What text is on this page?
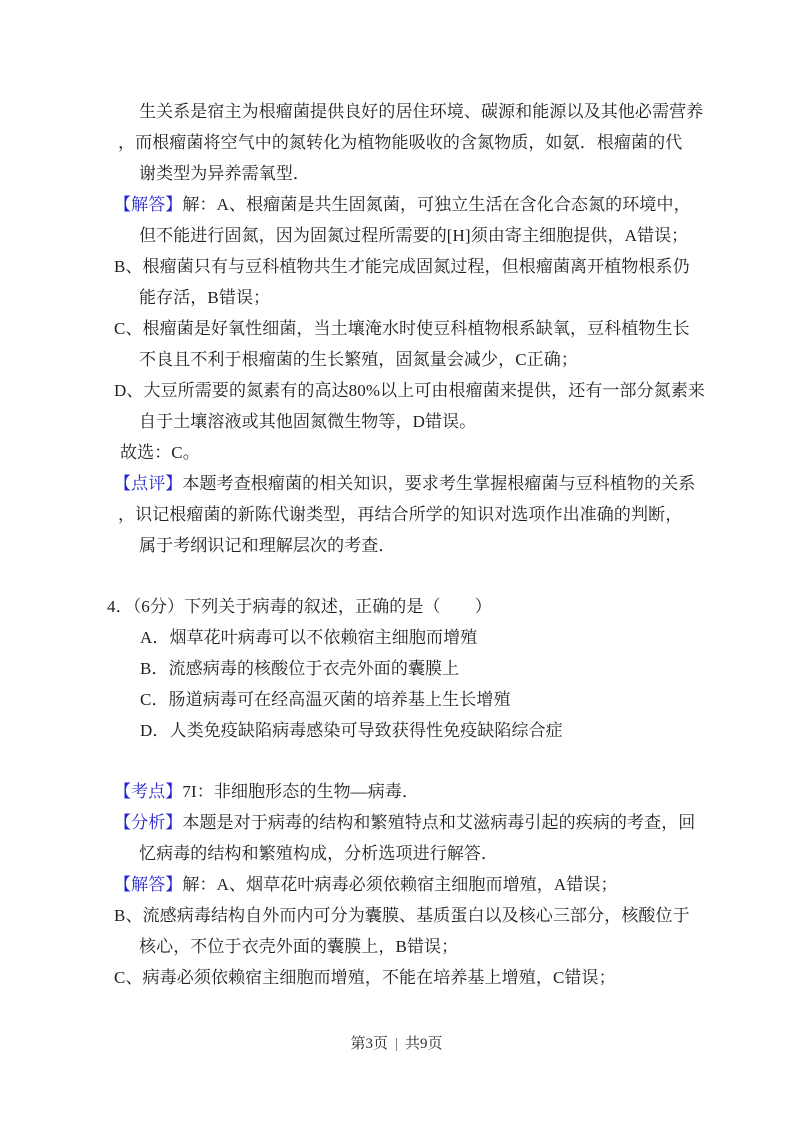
生关系是宿主为根瘤菌提供良好的居住环境、碳源和能源以及其他必需营养
，而根瘤菌将空气中的氮转化为植物能吸收的含氮物质，如氨．根瘤菌的代
谢类型为异养需氧型．
【解答】解：A、根瘤菌是共生固氮菌，可独立生活在含化合态氮的环境中，
但不能进行固氮，因为固氮过程所需要的[H]须由寄主细胞提供，A错误；
B、根瘤菌只有与豆科植物共生才能完成固氮过程，但根瘤菌离开植物根系仍
能存活，B错误；
C、根瘤菌是好氧性细菌，当土壤淹水时使豆科植物根系缺氧，豆科植物生长
不良且不利于根瘤菌的生长繁殖，固氮量会减少，C正确；
D、大豆所需要的氮素有的高达80%以上可由根瘤菌来提供，还有一部分氮素来
自于土壤溶液或其他固氮微生物等，D错误。
故选：C。
【点评】本题考查根瘤菌的相关知识，要求考生掌握根瘤菌与豆科植物的关系
，识记根瘤菌的新陈代谢类型，再结合所学的知识对选项作出准确的判断，
属于考纲识记和理解层次的考查．
4．（6分）下列关于病毒的叙述，正确的是（　　）
A．烟草花叶病毒可以不依赖宿主细胞而增殖
B．流感病毒的核酸位于衣壳外面的囊膜上
C．肠道病毒可在经高温灭菌的培养基上生长增殖
D．人类免疫缺陷病毒感染可导致获得性免疫缺陷综合症
【考点】7I：非细胞形态的生物—病毒．
【分析】本题是对于病毒的结构和繁殖特点和艾滋病毒引起的疾病的考查，回
忆病毒的结构和繁殖构成，分析选项进行解答．
【解答】解：A、烟草花叶病毒必须依赖宿主细胞而增殖，A错误；
B、流感病毒结构自外而内可分为囊膜、基质蛋白以及核心三部分，核酸位于
核心，不位于衣壳外面的囊膜上，B错误；
C、病毒必须依赖宿主细胞而增殖，不能在培养基上增殖，C错误；
第3页 | 共9页
